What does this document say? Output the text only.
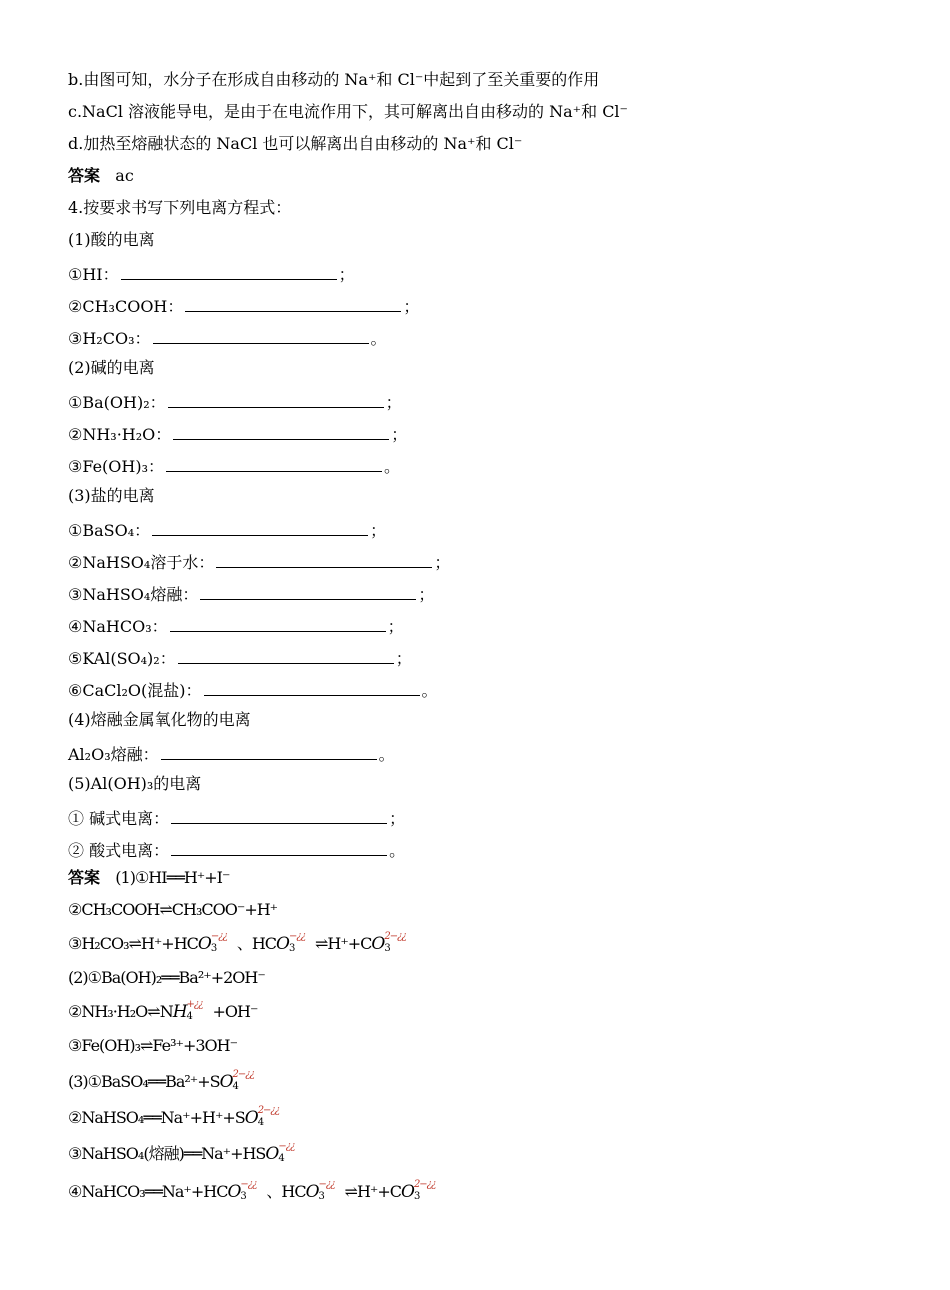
b.由图可知，水分子在形成自由移动的 Na⁺和 Cl⁻中起到了至关重要的作用
c.NaCl 溶液能导电，是由于在电流作用下，其可解离出自由移动的 Na⁺和 Cl⁻
d.加热至熔融状态的 NaCl 也可以解离出自由移动的 Na⁺和 Cl⁻
答案 ac
4.按要求书写下列电离方程式：
(1)酸的电离
①HI：	；
②CH₃COOH：	；
③H₂CO₃：	。
(2)碱的电离
①Ba(OH)₂：	；
②NH₃·H₂O：	；
③Fe(OH)₃：	。
(3)盐的电离
①BaSO₄：	；
②NaHSO₄溶于水：	；
③NaHSO₄熔融：	；
④NaHCO₃：	；
⑤KAl(SO₄)₂：	；
⑥CaCl₂O(混盐)：	。
(4)熔融金属氧化物的电离
Al₂O₃熔融：	。
(5)Al(OH)₃的电离
① 碱式电离：	；
② 酸式电离：	。
答案 (1)①HI══H⁺+I⁻
②CH₃COOH⇌CH₃COO⁻+H⁺
③H₂CO₃⇌H⁺+HCO 3
−¿¿ 、HCO 3
−¿¿ ⇌H⁺+CO 3
2−¿¿
(2)①Ba(OH)₂══Ba²⁺+2OH⁻
②NH₃·H₂O⇌NH 4
+¿¿ +OH⁻
③Fe(OH)₃⇌Fe³⁺+3OH⁻
(3)①BaSO₄══Ba²⁺+SO 4
2−¿¿
②NaHSO₄══Na⁺+H⁺+SO 4
2−¿¿
③NaHSO₄(熔融)══Na⁺+HSO 4
−¿¿
④NaHCO₃══Na⁺+HCO 3
−¿¿ 、HCO 3
−¿¿ ⇌H⁺+CO 3
2−¿¿
